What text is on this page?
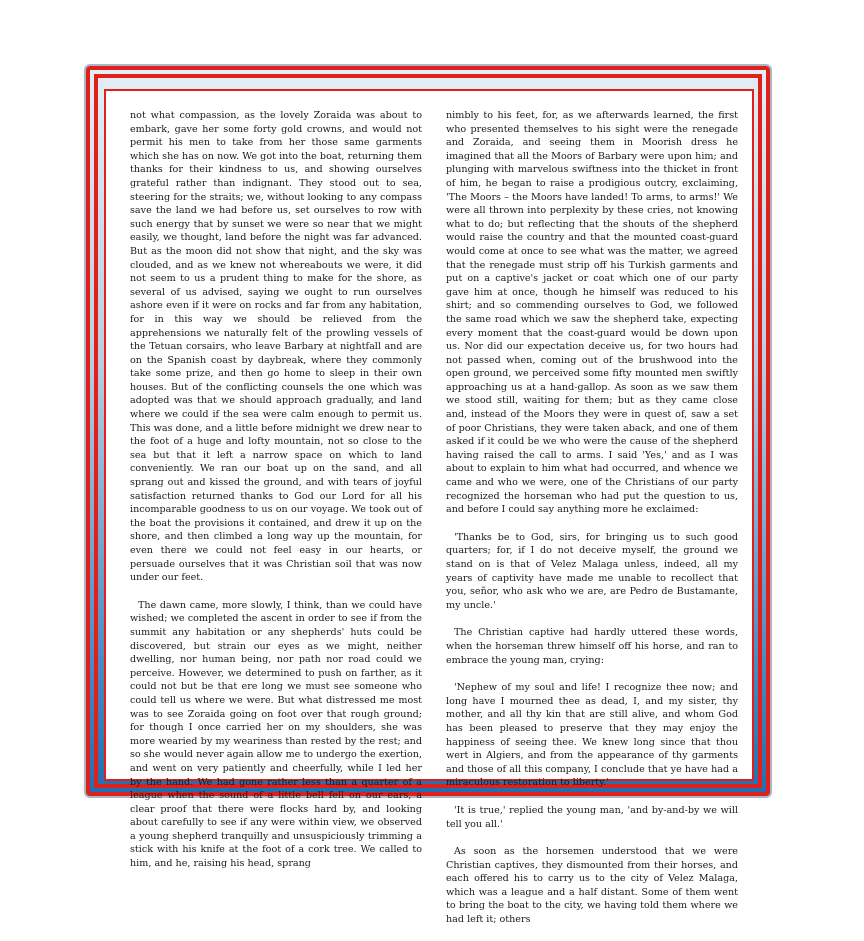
not what compassion, as the lovely Zoraida was about to embark, gave her some forty gold crowns, and would not permit his men to take from her those same garments which she has on now. We got into the boat, returning them thanks for their kindness to us, and showing ourselves grateful rather than indignant. They stood out to sea, steering for the straits; we, without looking to any compass save the land we had before us, set ourselves to row with such energy that by sunset we were so near that we might easily, we thought, land before the night was far advanced. But as the moon did not show that night, and the sky was clouded, and as we knew not whereabouts we were, it did not seem to us a prudent thing to make for the shore, as several of us advised, saying we ought to run ourselves ashore even if it were on rocks and far from any habitation, for in this way we should be relieved from the apprehensions we naturally felt of the prowling vessels of the Tetuan corsairs, who leave Barbary at nightfall and are on the Spanish coast by daybreak, where they commonly take some prize, and then go home to sleep in their own houses. But of the conflicting counsels the one which was adopted was that we should approach gradually, and land where we could if the sea were calm enough to permit us. This was done, and a little before midnight we drew near to the foot of a huge and lofty mountain, not so close to the sea but that it left a narrow space on which to land conveniently. We ran our boat up on the sand, and all sprang out and kissed the ground, and with tears of joyful satisfaction returned thanks to God our Lord for all his incomparable goodness to us on our voyage. We took out of the boat the provisions it contained, and drew it up on the shore, and then climbed a long way up the mountain, for even there we could not feel easy in our hearts, or persuade ourselves that it was Christian soil that was now under our feet.

The dawn came, more slowly, I think, than we could have wished; we completed the ascent in order to see if from the summit any habitation or any shepherds' huts could be discovered, but strain our eyes as we might, neither dwelling, nor human being, nor path nor road could we perceive. However, we determined to push on farther, as it could not but be that ere long we must see someone who could tell us where we were. But what distressed me most was to see Zoraida going on foot over that rough ground; for though I once carried her on my shoulders, she was more wearied by my weariness than rested by the rest; and so she would never again allow me to undergo the exertion, and went on very patiently and cheerfully, while I led her by the hand. We had gone rather less than a quarter of a league when the sound of a little bell fell on our ears, a clear proof that there were flocks hard by, and looking about carefully to see if any were within view, we observed a young shepherd tranquilly and unsuspiciously trimming a stick with his knife at the foot of a cork tree. We called to him, and he, raising his head, sprang

nimbly to his feet, for, as we afterwards learned, the first who presented themselves to his sight were the renegade and Zoraida, and seeing them in Moorish dress he imagined that all the Moors of Barbary were upon him; and plunging with marvelous swiftness into the thicket in front of him, he began to raise a prodigious outcry, exclaiming, 'The Moors – the Moors have landed! To arms, to arms!' We were all thrown into perplexity by these cries, not knowing what to do; but reflecting that the shouts of the shepherd would raise the country and that the mounted coast-guard would come at once to see what was the matter, we agreed that the renegade must strip off his Turkish garments and put on a captive's jacket or coat which one of our party gave him at once, though he himself was reduced to his shirt; and so commending ourselves to God, we followed the same road which we saw the shepherd take, expecting every moment that the coast-guard would be down upon us. Nor did our expectation deceive us, for two hours had not passed when, coming out of the brushwood into the open ground, we perceived some fifty mounted men swiftly approaching us at a hand-gallop. As soon as we saw them we stood still, waiting for them; but as they came close and, instead of the Moors they were in quest of, saw a set of poor Christians, they were taken aback, and one of them asked if it could be we who were the cause of the shepherd having raised the call to arms. I said 'Yes,' and as I was about to explain to him what had occurred, and whence we came and who we were, one of the Christians of our party recognized the horseman who had put the question to us, and before I could say anything more he exclaimed:

'Thanks be to God, sirs, for bringing us to such good quarters; for, if I do not deceive myself, the ground we stand on is that of Velez Malaga unless, indeed, all my years of captivity have made me unable to recollect that you, señor, who ask who we are, are Pedro de Bustamante, my uncle.'

The Christian captive had hardly uttered these words, when the horseman threw himself off his horse, and ran to embrace the young man, crying:

'Nephew of my soul and life! I recognize thee now; and long have I mourned thee as dead, I, and my sister, thy mother, and all thy kin that are still alive, and whom God has been pleased to preserve that they may enjoy the happiness of seeing thee. We knew long since that thou wert in Algiers, and from the appearance of thy garments and those of all this company, I conclude that ye have had a miraculous restoration to liberty.'

'It is true,' replied the young man, 'and by-and-by we will tell you all.'

As soon as the horsemen understood that we were Christian captives, they dismounted from their horses, and each offered his to carry us to the city of Velez Malaga, which was a league and a half distant. Some of them went to bring the boat to the city, we having told them where we had left it; others
